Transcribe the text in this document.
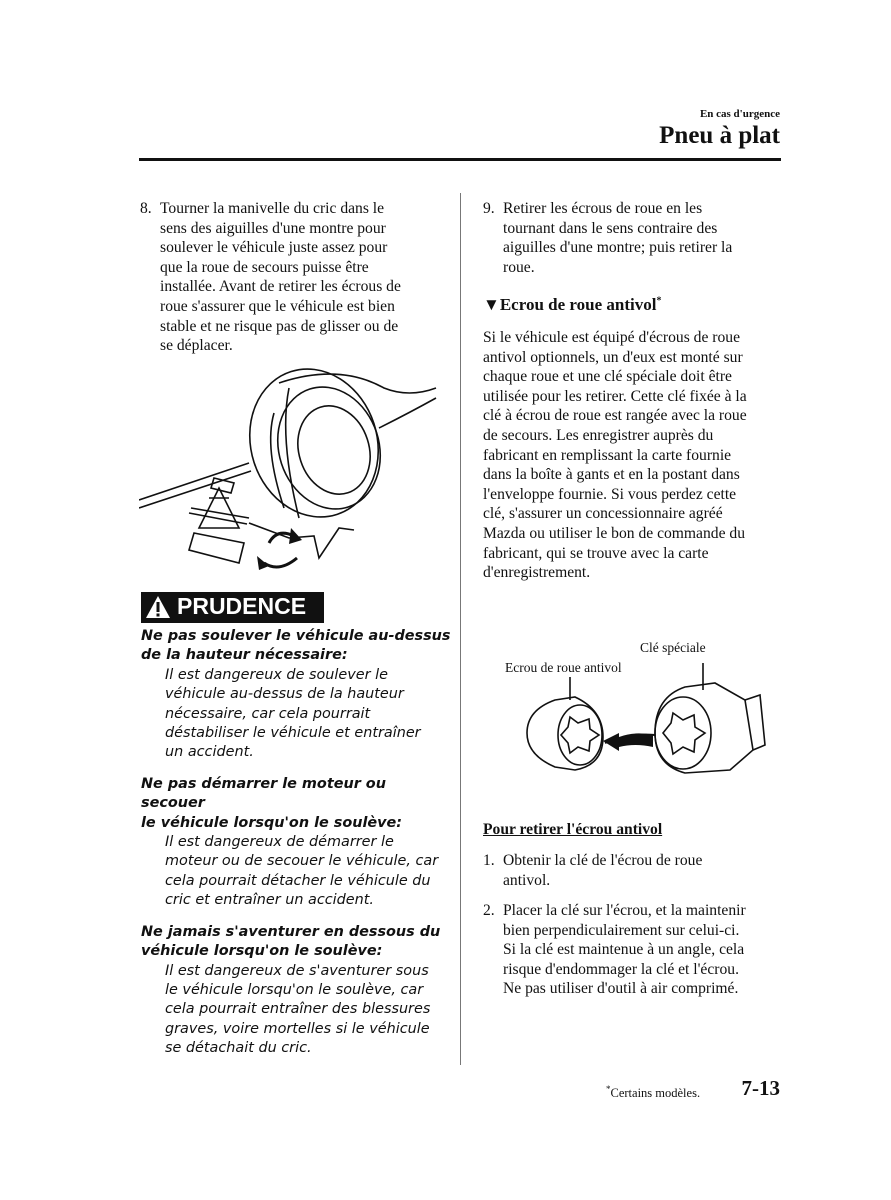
En cas d'urgence
Pneu à plat
8. Tourner la manivelle du cric dans le
sens des aiguilles d'une montre pour
soulever le véhicule juste assez pour
que la roue de secours puisse être
installée. Avant de retirer les écrous de
roue s'assurer que le véhicule est bien
stable et ne risque pas de glisser ou de
se déplacer.
PRUDENCE
Ne pas soulever le véhicule au-dessus
de la hauteur nécessaire:
Il est dangereux de soulever le
véhicule au-dessus de la hauteur
nécessaire, car cela pourrait
déstabiliser le véhicule et entraîner
un accident.
Ne pas démarrer le moteur ou secouer
le véhicule lorsqu'on le soulève:
Il est dangereux de démarrer le
moteur ou de secouer le véhicule, car
cela pourrait détacher le véhicule du
cric et entraîner un accident.
Ne jamais s'aventurer en dessous du
véhicule lorsqu'on le soulève:
Il est dangereux de s'aventurer sous
le véhicule lorsqu'on le soulève, car
cela pourrait entraîner des blessures
graves, voire mortelles si le véhicule
se détachait du cric.
9. Retirer les écrous de roue en les
tournant dans le sens contraire des
aiguilles d'une montre; puis retirer la
roue.
▼Ecrou de roue antivol*
Si le véhicule est équipé d'écrous de roue
antivol optionnels, un d'eux est monté sur
chaque roue et une clé spéciale doit être
utilisée pour les retirer. Cette clé fixée à la
clé à écrou de roue est rangée avec la roue
de secours. Les enregistrer auprès du
fabricant en remplissant la carte fournie
dans la boîte à gants et en la postant dans
l'enveloppe fournie. Si vous perdez cette
clé, s'assurer un concessionnaire agréé
Mazda ou utiliser le bon de commande du
fabricant, qui se trouve avec la carte
d'enregistrement.
Clé spéciale
Ecrou de roue antivol
Pour retirer l'écrou antivol
1. Obtenir la clé de l'écrou de roue
antivol.
2. Placer la clé sur l'écrou, et la maintenir
bien perpendiculairement sur celui-ci.
Si la clé est maintenue à un angle, cela
risque d'endommager la clé et l'écrou.
Ne pas utiliser d'outil à air comprimé.
*Certains modèles. 7-13
